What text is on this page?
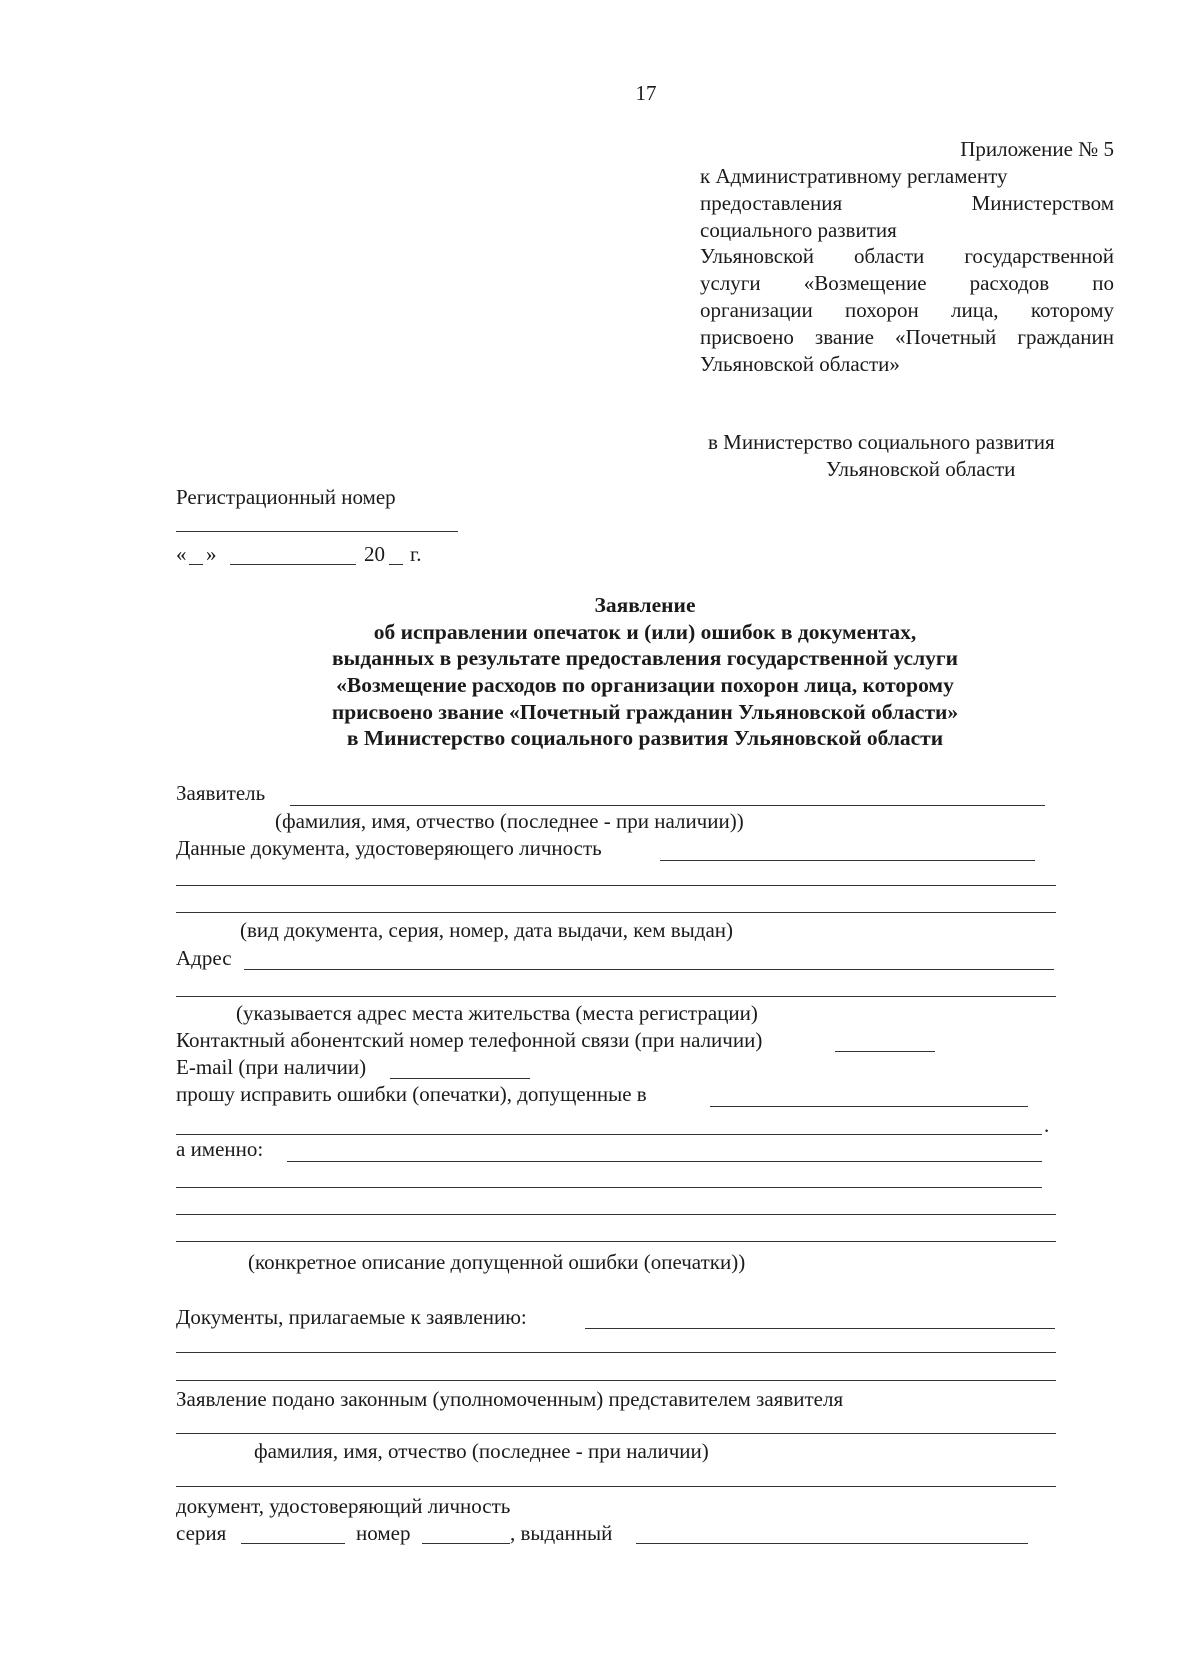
17
Приложение № 5
к Административному регламенту
предоставления	Министерством
социального развития
Ульяновской области государственной
услуги «Возмещение расходов по
организации похорон лица, которому
присвоено звание «Почетный гражданин
Ульяновской области»
в Министерство социального развития
Ульяновской области
Регистрационный номер
« »	20 г.
Заявление
об исправлении опечаток и (или) ошибок в документах,
выданных в результате предоставления государственной услуги
«Возмещение расходов по организации похорон лица, которому
присвоено звание «Почетный гражданин Ульяновской области»
в Министерство социального развития Ульяновской области
Заявитель
(фамилия, имя, отчество (последнее - при наличии))
Данные документа, удостоверяющего личность
(вид документа, серия, номер, дата выдачи, кем выдан)
Адрес
(указывается адрес места жительства (места регистрации)
Контактный абонентский номер телефонной связи (при наличии)
E-mail (при наличии)
прошу исправить ошибки (опечатки), допущенные в
.
а именно:
(конкретное описание допущенной ошибки (опечатки))
Документы, прилагаемые к заявлению:
Заявление подано законным (уполномоченным) представителем заявителя
фамилия, имя, отчество (последнее - при наличии)
документ, удостоверяющий личность
серия	номер	, выданный
